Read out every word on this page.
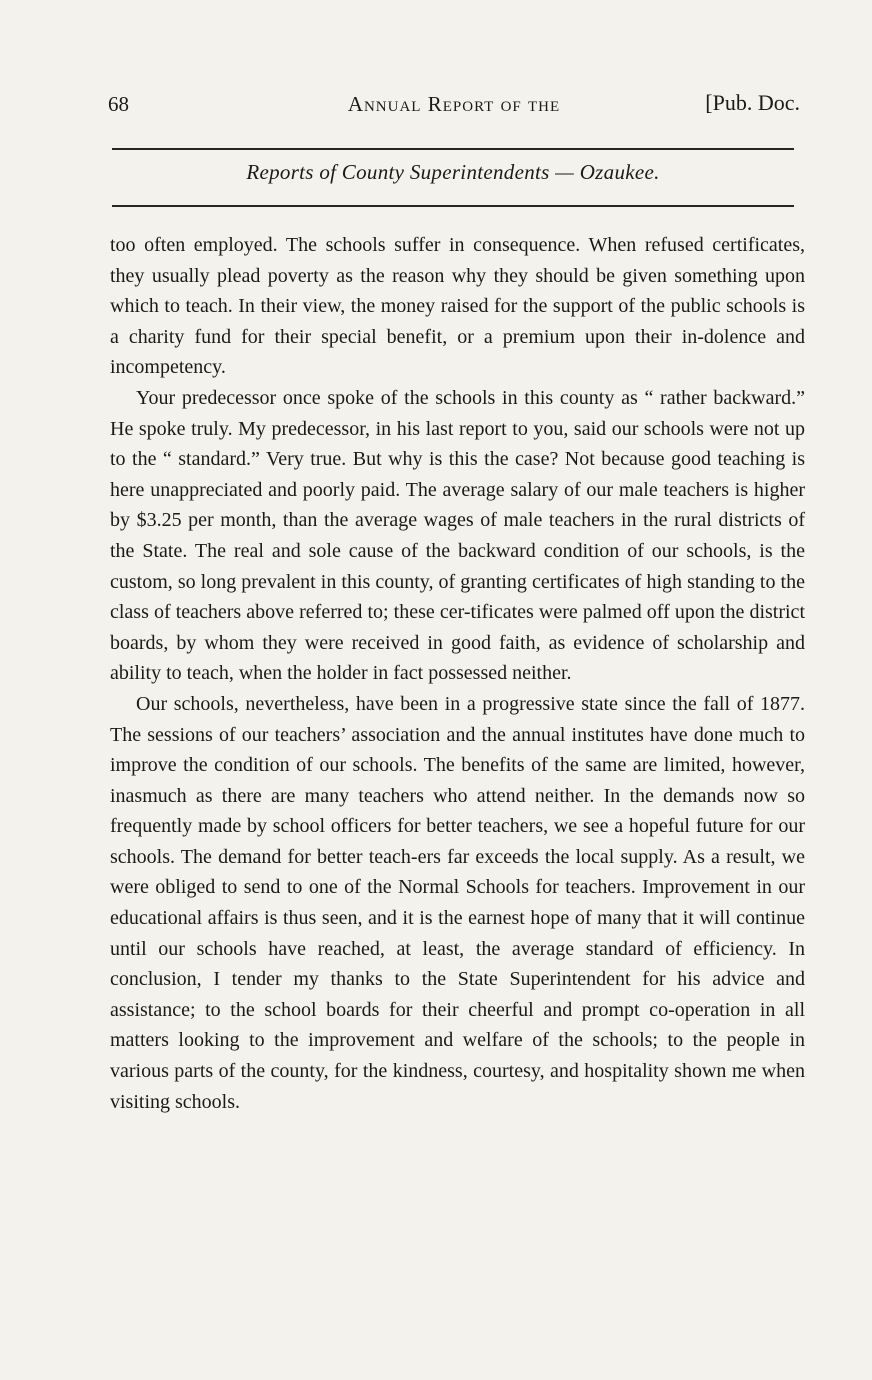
68	Annual Report of the	[Pub. Doc.
Reports of County Superintendents — Ozaukee.

too often employed. The schools suffer in consequence. When refused certificates, they usually plead poverty as the reason why they should be given something upon which to teach. In their view, the money raised for the support of the public schools is a charity fund for their special benefit, or a premium upon their in-dolence and incompetency.

Your predecessor once spoke of the schools in this county as “ rather backward.” He spoke truly. My predecessor, in his last report to you, said our schools were not up to the “ standard.” Very true. But why is this the case? Not because good teaching is here unappreciated and poorly paid. The average salary of our male teachers is higher by $3.25 per month, than the average wages of male teachers in the rural districts of the State. The real and sole cause of the backward condition of our schools, is the custom, so long prevalent in this county, of granting certificates of high standing to the class of teachers above referred to; these cer-tificates were palmed off upon the district boards, by whom they were received in good faith, as evidence of scholarship and ability to teach, when the holder in fact possessed neither.

Our schools, nevertheless, have been in a progressive state since the fall of 1877. The sessions of our teachers’ association and the annual institutes have done much to improve the condition of our schools. The benefits of the same are limited, however, inasmuch as there are many teachers who attend neither. In the demands now so frequently made by school officers for better teachers, we see a hopeful future for our schools. The demand for better teach-ers far exceeds the local supply. As a result, we were obliged to send to one of the Normal Schools for teachers. Improvement in our educational affairs is thus seen, and it is the earnest hope of many that it will continue until our schools have reached, at least, the average standard of efficiency. In conclusion, I tender my thanks to the State Superintendent for his advice and assistance; to the school boards for their cheerful and prompt co-operation in all matters looking to the improvement and welfare of the schools; to the people in various parts of the county, for the kindness, courtesy, and hospitality shown me when visiting schools.
